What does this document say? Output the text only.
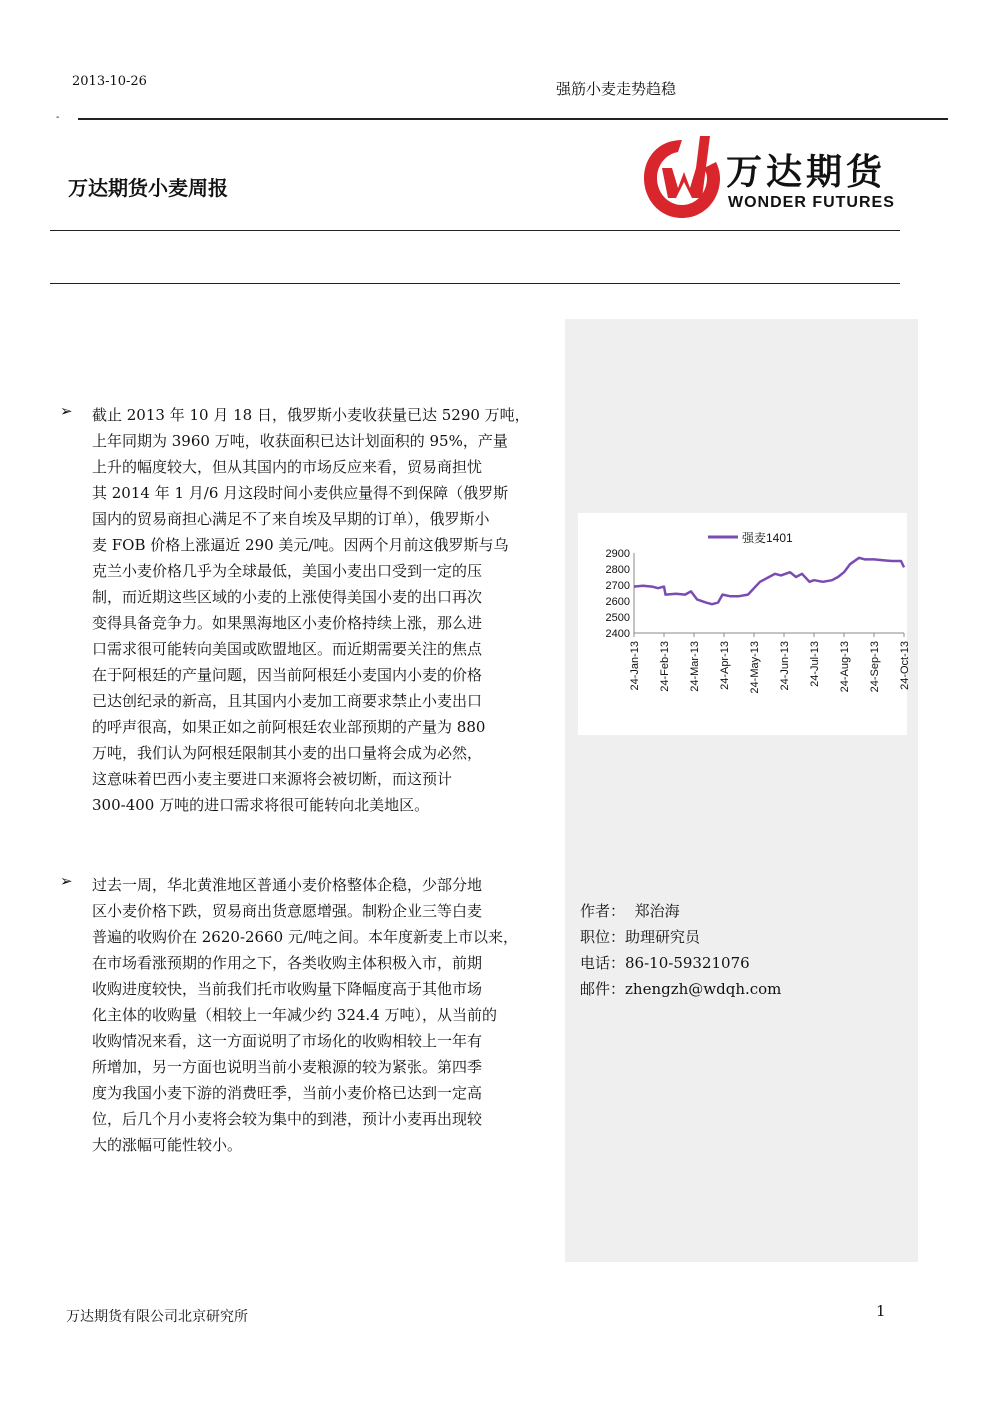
2013-10-26	强筋小麦走势趋稳
-
万达期货小麦周报	万达期货
WONDER FUTURES
2400
2500
2600
2700
2800
2900
24-Jan-13 24-Feb-13 24-Mar-13 24-Apr-13 24-May-13 24-Jun-13 24-Jul-13 24-Aug-13 24-Sep-13 24-Oct-13
强麦1401
➢ 截止 2013 年 10 月 18 日，俄罗斯小麦收获量已达 5290 万吨，
上年同期为 3960 万吨，收获面积已达计划面积的 95%，产量
上升的幅度较大，但从其国内的市场反应来看，贸易商担忧
其 2014 年 1 月/6 月这段时间小麦供应量得不到保障（俄罗斯
国内的贸易商担心满足不了来自埃及早期的订单），俄罗斯小
麦 FOB 价格上涨逼近 290 美元/吨。因两个月前这俄罗斯与乌
克兰小麦价格几乎为全球最低，美国小麦出口受到一定的压
制，而近期这些区域的小麦的上涨使得美国小麦的出口再次
变得具备竞争力。如果黑海地区小麦价格持续上涨，那么进
口需求很可能转向美国或欧盟地区。而近期需要关注的焦点
在于阿根廷的产量问题，因当前阿根廷小麦国内小麦的价格
已达创纪录的新高，且其国内小麦加工商要求禁止小麦出口
的呼声很高，如果正如之前阿根廷农业部预期的产量为 880
万吨，我们认为阿根廷限制其小麦的出口量将会成为必然，
这意味着巴西小麦主要进口来源将会被切断，而这预计
300-400 万吨的进口需求将很可能转向北美地区。
➢ 过去一周，华北黄淮地区普通小麦价格整体企稳，少部分地
区小麦价格下跌，贸易商出货意愿增强。制粉企业三等白麦
普遍的收购价在 2620-2660 元/吨之间。本年度新麦上市以来，
在市场看涨预期的作用之下，各类收购主体积极入市，前期
收购进度较快，当前我们托市收购量下降幅度高于其他市场
化主体的收购量（相较上一年减少约 324.4 万吨），从当前的
收购情况来看，这一方面说明了市场化的收购相较上一年有
所增加，另一方面也说明当前小麦粮源的较为紧张。第四季
度为我国小麦下游的消费旺季，当前小麦价格已达到一定高
位，后几个月小麦将会较为集中的到港，预计小麦再出现较
大的涨幅可能性较小。
作者： 郑治海
职位：助理研究员
电话：86-10-59321076
邮件：zhengzh@wdqh.com
万达期货有限公司北京研究所	1
